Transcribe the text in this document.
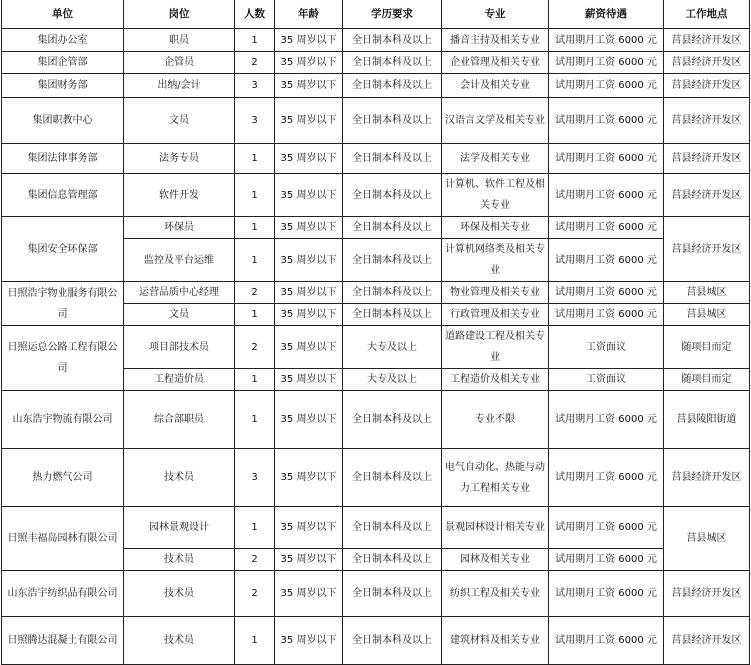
单位	岗位	人数	年龄	学历要求	专业	薪资待遇	工作地点
集团办公室	职员	1	35 周岁以下	全日制本科及以上	播音主持及相关专业	试用期月工资 6000 元	莒县经济开发区
集团企管部	企管员	2	35 周岁以下	全日制本科及以上	企业管理及相关专业	试用期月工资 6000 元	莒县经济开发区
集团财务部	出纳/会计	3	35 周岁以下	全日制本科及以上	会计及相关专业	试用期月工资 6000 元	莒县经济开发区
集团职教中心	文员	3	35 周岁以下	全日制本科及以上	汉语言文学及相关专业	试用期月工资 6000 元	莒县经济开发区
集团法律事务部	法务专员	1	35 周岁以下	全日制本科及以上	法学及相关专业	试用期月工资 6000 元	莒县经济开发区
集团信息管理部	软件开发	1	35 周岁以下	全日制本科及以上	计算机、软件工程及相关专业	试用期月工资 6000 元	莒县经济开发区
集团安全环保部	环保员	1	35 周岁以下	全日制本科及以上	环保及相关专业	试用期月工资 6000 元	莒县经济开发区
	监控及平台运维	1	35 周岁以下	全日制本科及以上	计算机网络类及相关专业	试用期月工资 6000 元	
日照浩宇物业服务有限公司	运营品质中心经理	2	35 周岁以下	全日制本科及以上	物业管理及相关专业	试用期月工资 6000 元	莒县城区
	文员	1	35 周岁以下	全日制本科及以上	行政管理及相关专业	试用期月工资 6000 元	莒县城区
日照运总公路工程有限公司	项目部技术员	2	35 周岁以下	大专及以上	道路建设工程及相关专业	工资面议	随项目而定
	工程造价员	1	35 周岁以下	大专及以上	工程造价及相关专业	工资面议	随项目而定
山东浩宇物流有限公司	综合部职员	1	35 周岁以下	全日制本科及以上	专业不限	试用期月工资 6000 元	莒县陵阳街道
热力燃气公司	技术员	3	35 周岁以下	全日制本科及以上	电气自动化、热能与动力工程相关专业	试用期月工资 6000 元	莒县经济开发区
日照丰福岛园林有限公司	园林景观设计	1	35 周岁以下	全日制本科及以上	景观园林设计相关专业	试用期月工资 6000 元	莒县城区
	技术员	2	35 周岁以下	全日制本科及以上	园林及相关专业	试用期月工资 6000 元	
山东浩宇纺织品有限公司	技术员	2	35 周岁以下	全日制本科及以上	纺织工程及相关专业	试用期月工资 6000 元	莒县经济开发区
日照腾达混凝土有限公司	技术员	1	35 周岁以下	全日制本科及以上	建筑材料及相关专业	试用期月工资 6000 元	莒县经济开发区
